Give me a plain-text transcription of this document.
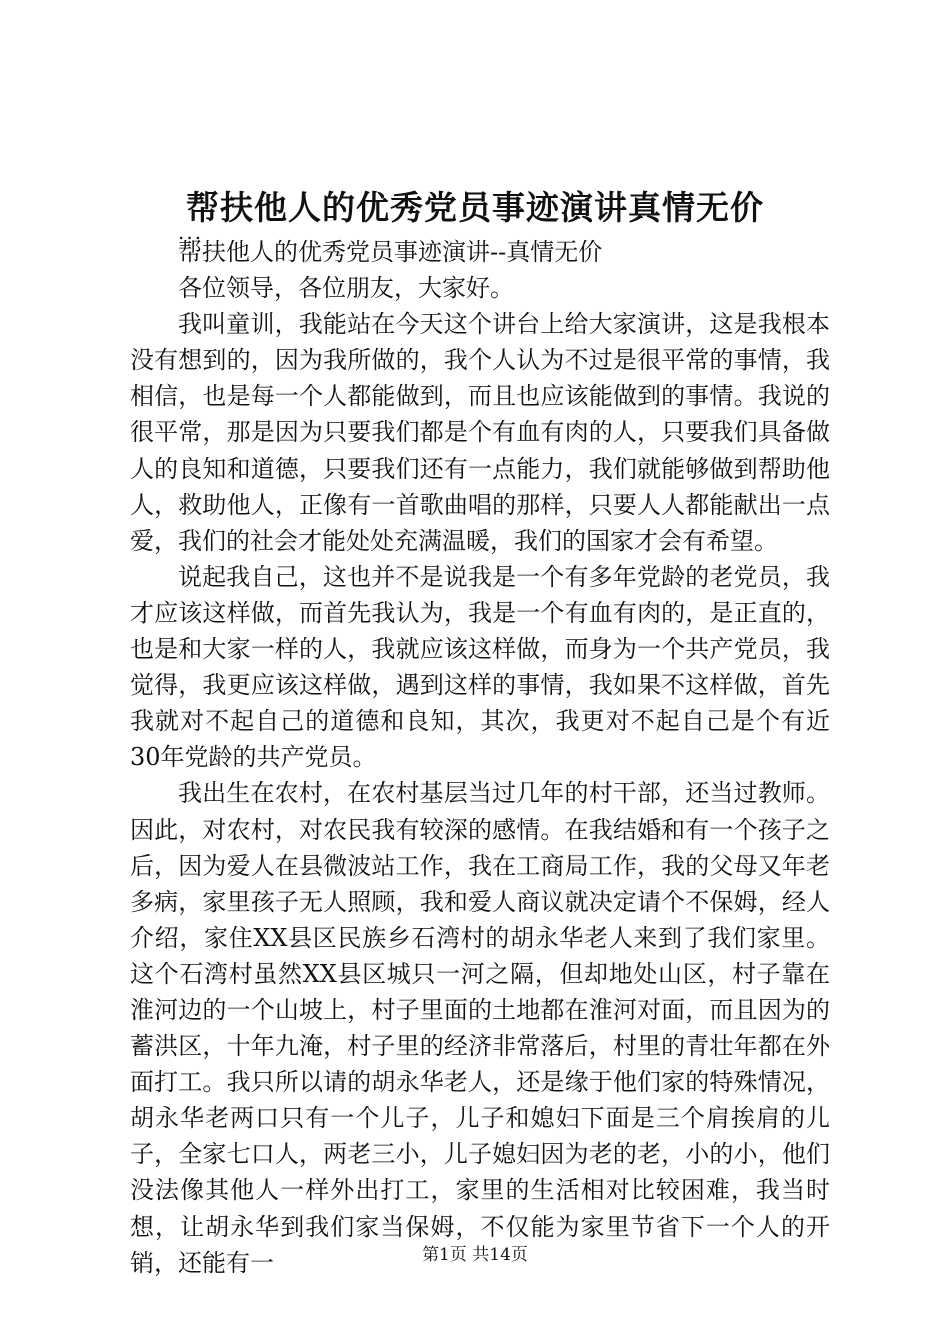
帮扶他人的优秀党员事迹演讲真情无价
...

帮扶他人的优秀党员事迹演讲--真情无价

各位领导，各位朋友，大家好。

我叫童训，我能站在今天这个讲台上给大家演讲，这是我根本没有想到的，因为我所做的，我个人认为不过是很平常的事情，我相信，也是每一个人都能做到，而且也应该能做到的事情。我说的很平常，那是因为只要我们都是个有血有肉的人，只要我们具备做人的良知和道德，只要我们还有一点能力，我们就能够做到帮助他人，救助他人，正像有一首歌曲唱的那样，只要人人都能献出一点爱，我们的社会才能处处充满温暖，我们的国家才会有希望。

说起我自己，这也并不是说我是一个有多年党龄的老党员，我才应该这样做，而首先我认为，我是一个有血有肉的，是正直的，也是和大家一样的人，我就应该这样做，而身为一个共产党员，我觉得，我更应该这样做，遇到这样的事情，我如果不这样做，首先我就对不起自己的道德和良知，其次，我更对不起自己是个有近30年党龄的共产党员。

我出生在农村，在农村基层当过几年的村干部，还当过教师。因此，对农村，对农民我有较深的感情。在我结婚和有一个孩子之后，因为爱人在县微波站工作，我在工商局工作，我的父母又年老多病，家里孩子无人照顾，我和爱人商议就决定请个不保姆，经人介绍，家住XX县区民族乡石湾村的胡永华老人来到了我们家里。这个石湾村虽然XX县区城只一河之隔，但却地处山区，村子靠在淮河边的一个山坡上，村子里面的土地都在淮河对面，而且因为的蓄洪区，十年九淹，村子里的经济非常落后，村里的青壮年都在外面打工。我只所以请的胡永华老人，还是缘于他们家的特殊情况，胡永华老两口只有一个儿子，儿子和媳妇下面是三个肩挨肩的儿子，全家七口人，两老三小，儿子媳妇因为老的老，小的小，他们没法像其他人一样外出打工，家里的生活相对比较困难，我当时想，让胡永华到我们家当保姆，不仅能为家里节省下一个人的开销，还能有一	第1页 共14页
